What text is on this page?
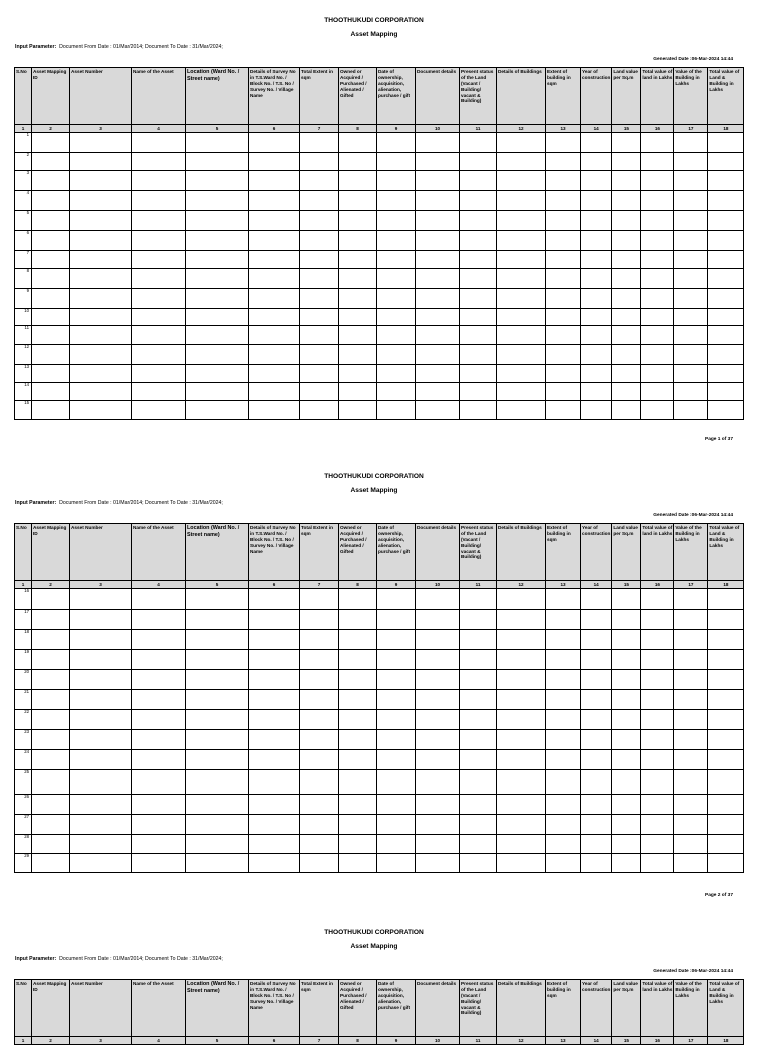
THOOTHUKUDI CORPORATION
Asset Mapping
Input Parameter: Document From Date : 01/Mar/2014; Document To Date : 31/Mar/2024;
Generated Date :06-Mar-2024 14:44
S.No	Asset Mapping ID	Asset Number	Name of the Asset	Location (Ward No. / Street name)	Details of Survey No in T.S.Ward No. / Block No. / T.S. No / Survey No. / Village Name	Total Extent in sqm	Owned or Acquired / Purchased / Alienated / Gifted	Date of ownership, acquisition, alienation, purchase / gift	Document details	Present status of the Land (Vacant / Building/ vacant & Building)	Details of Buildings	Extent of building in sqm	Year of construction	Land value per Sq.m	Total value of land in Lakhs	Value of the Building in Lakhs	Total value of Land & Building in Lakhs
1	2	3	4	5	6	7	8	9	10	11	12	13	14	15	16	17	18
1																	
2																	
3																	
4																	
5																	
6																	
7																	
8																	
9																	
10																	
11																	
12																	
13																	
14																	
15																	
Page 1 of 37
THOOTHUKUDI CORPORATION
Asset Mapping
Input Parameter: Document From Date : 01/Mar/2014; Document To Date : 31/Mar/2024;
Generated Date :06-Mar-2024 14:44
S.No	Asset Mapping ID	Asset Number	Name of the Asset	Location (Ward No. / Street name)	Details of Survey No in T.S.Ward No. / Block No. / T.S. No / Survey No. / Village Name	Total Extent in sqm	Owned or Acquired / Purchased / Alienated / Gifted	Date of ownership, acquisition, alienation, purchase / gift	Document details	Present status of the Land (Vacant / Building/ vacant & Building)	Details of Buildings	Extent of building in sqm	Year of construction	Land value per Sq.m	Total value of land in Lakhs	Value of the Building in Lakhs	Total value of Land & Building in Lakhs
1	2	3	4	5	6	7	8	9	10	11	12	13	14	15	16	17	18
16																	
17																	
18																	
19																	
20																	
21																	
22																	
23																	
24																	
25																	
26																	
27																	
28																	
29																	
Page 2 of 37
THOOTHUKUDI CORPORATION
Asset Mapping
Input Parameter: Document From Date : 01/Mar/2014; Document To Date : 31/Mar/2024;
Generated Date :06-Mar-2024 14:44
S.No	Asset Mapping ID	Asset Number	Name of the Asset	Location (Ward No. / Street name)	Details of Survey No in T.S.Ward No. / Block No. / T.S. No / Survey No. / Village Name	Total Extent in sqm	Owned or Acquired / Purchased / Alienated / Gifted	Date of ownership, acquisition, alienation, purchase / gift	Document details	Present status of the Land (Vacant / Building/ vacant & Building)	Details of Buildings	Extent of building in sqm	Year of construction	Land value per Sq.m	Total value of land in Lakhs	Value of the Building in Lakhs	Total value of Land & Building in Lakhs
1	2	3	4	5	6	7	8	9	10	11	12	13	14	15	16	17	18
